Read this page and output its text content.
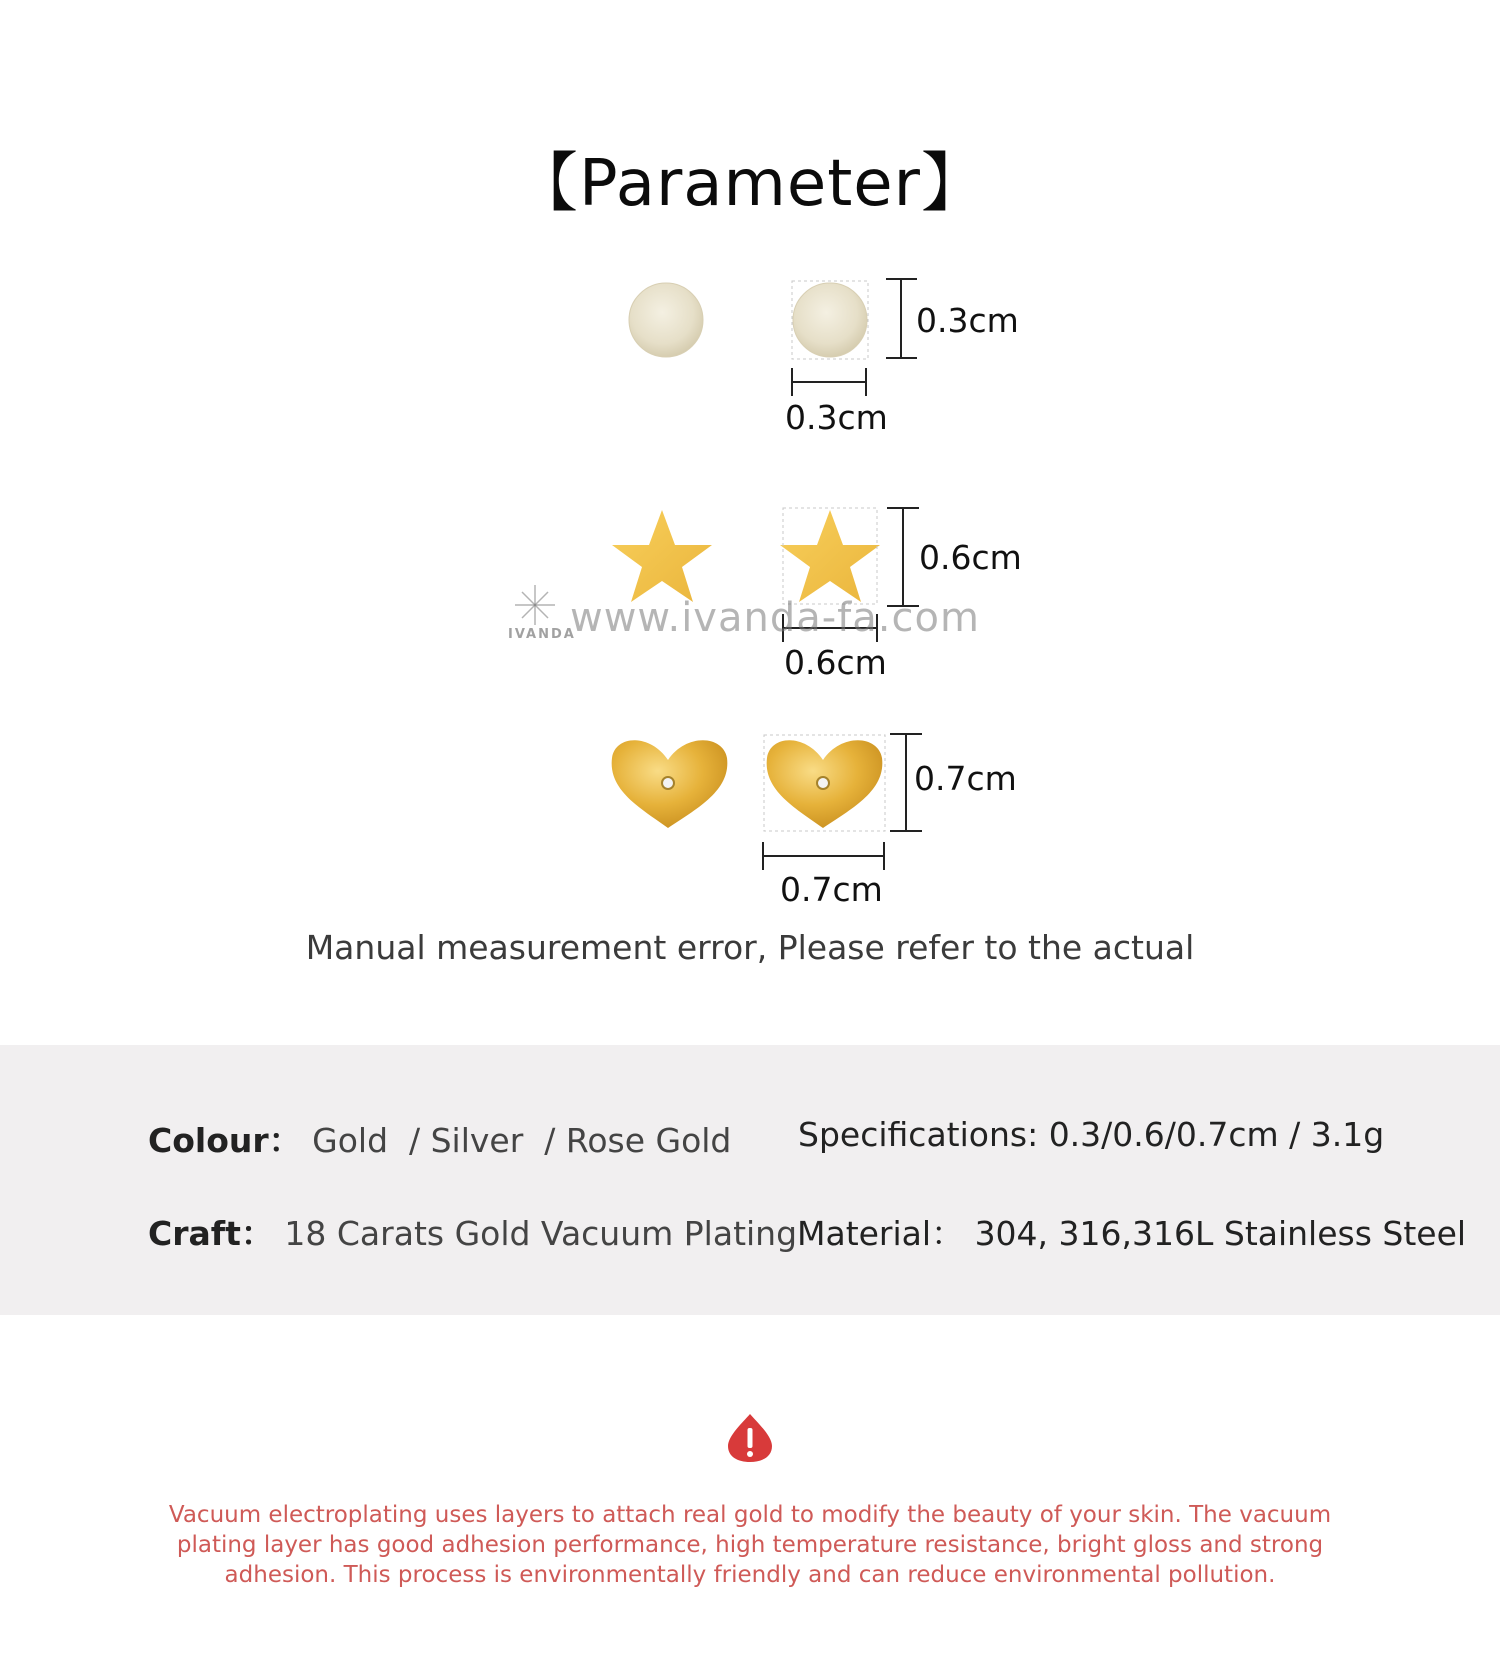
【Parameter】
0.3cm
0.3cm
0.6cm
0.6cm
0.7cm
0.7cm
www.ivanda-fa.com
IVANDA
Manual measurement error, Please refer to the actual
Colour： Gold  / Silver  / Rose Gold Specifications: 0.3/0.6/0.7cm / 3.1g
Craft： 18 Carats Gold Vacuum Plating Material： 304, 316,316L Stainless Steel
Vacuum electroplating uses layers to attach real gold to modify the beauty of your skin. The vacuum plating layer has good adhesion performance, high temperature resistance, bright gloss and strong adhesion. This process is environmentally friendly and can reduce environmental pollution.
